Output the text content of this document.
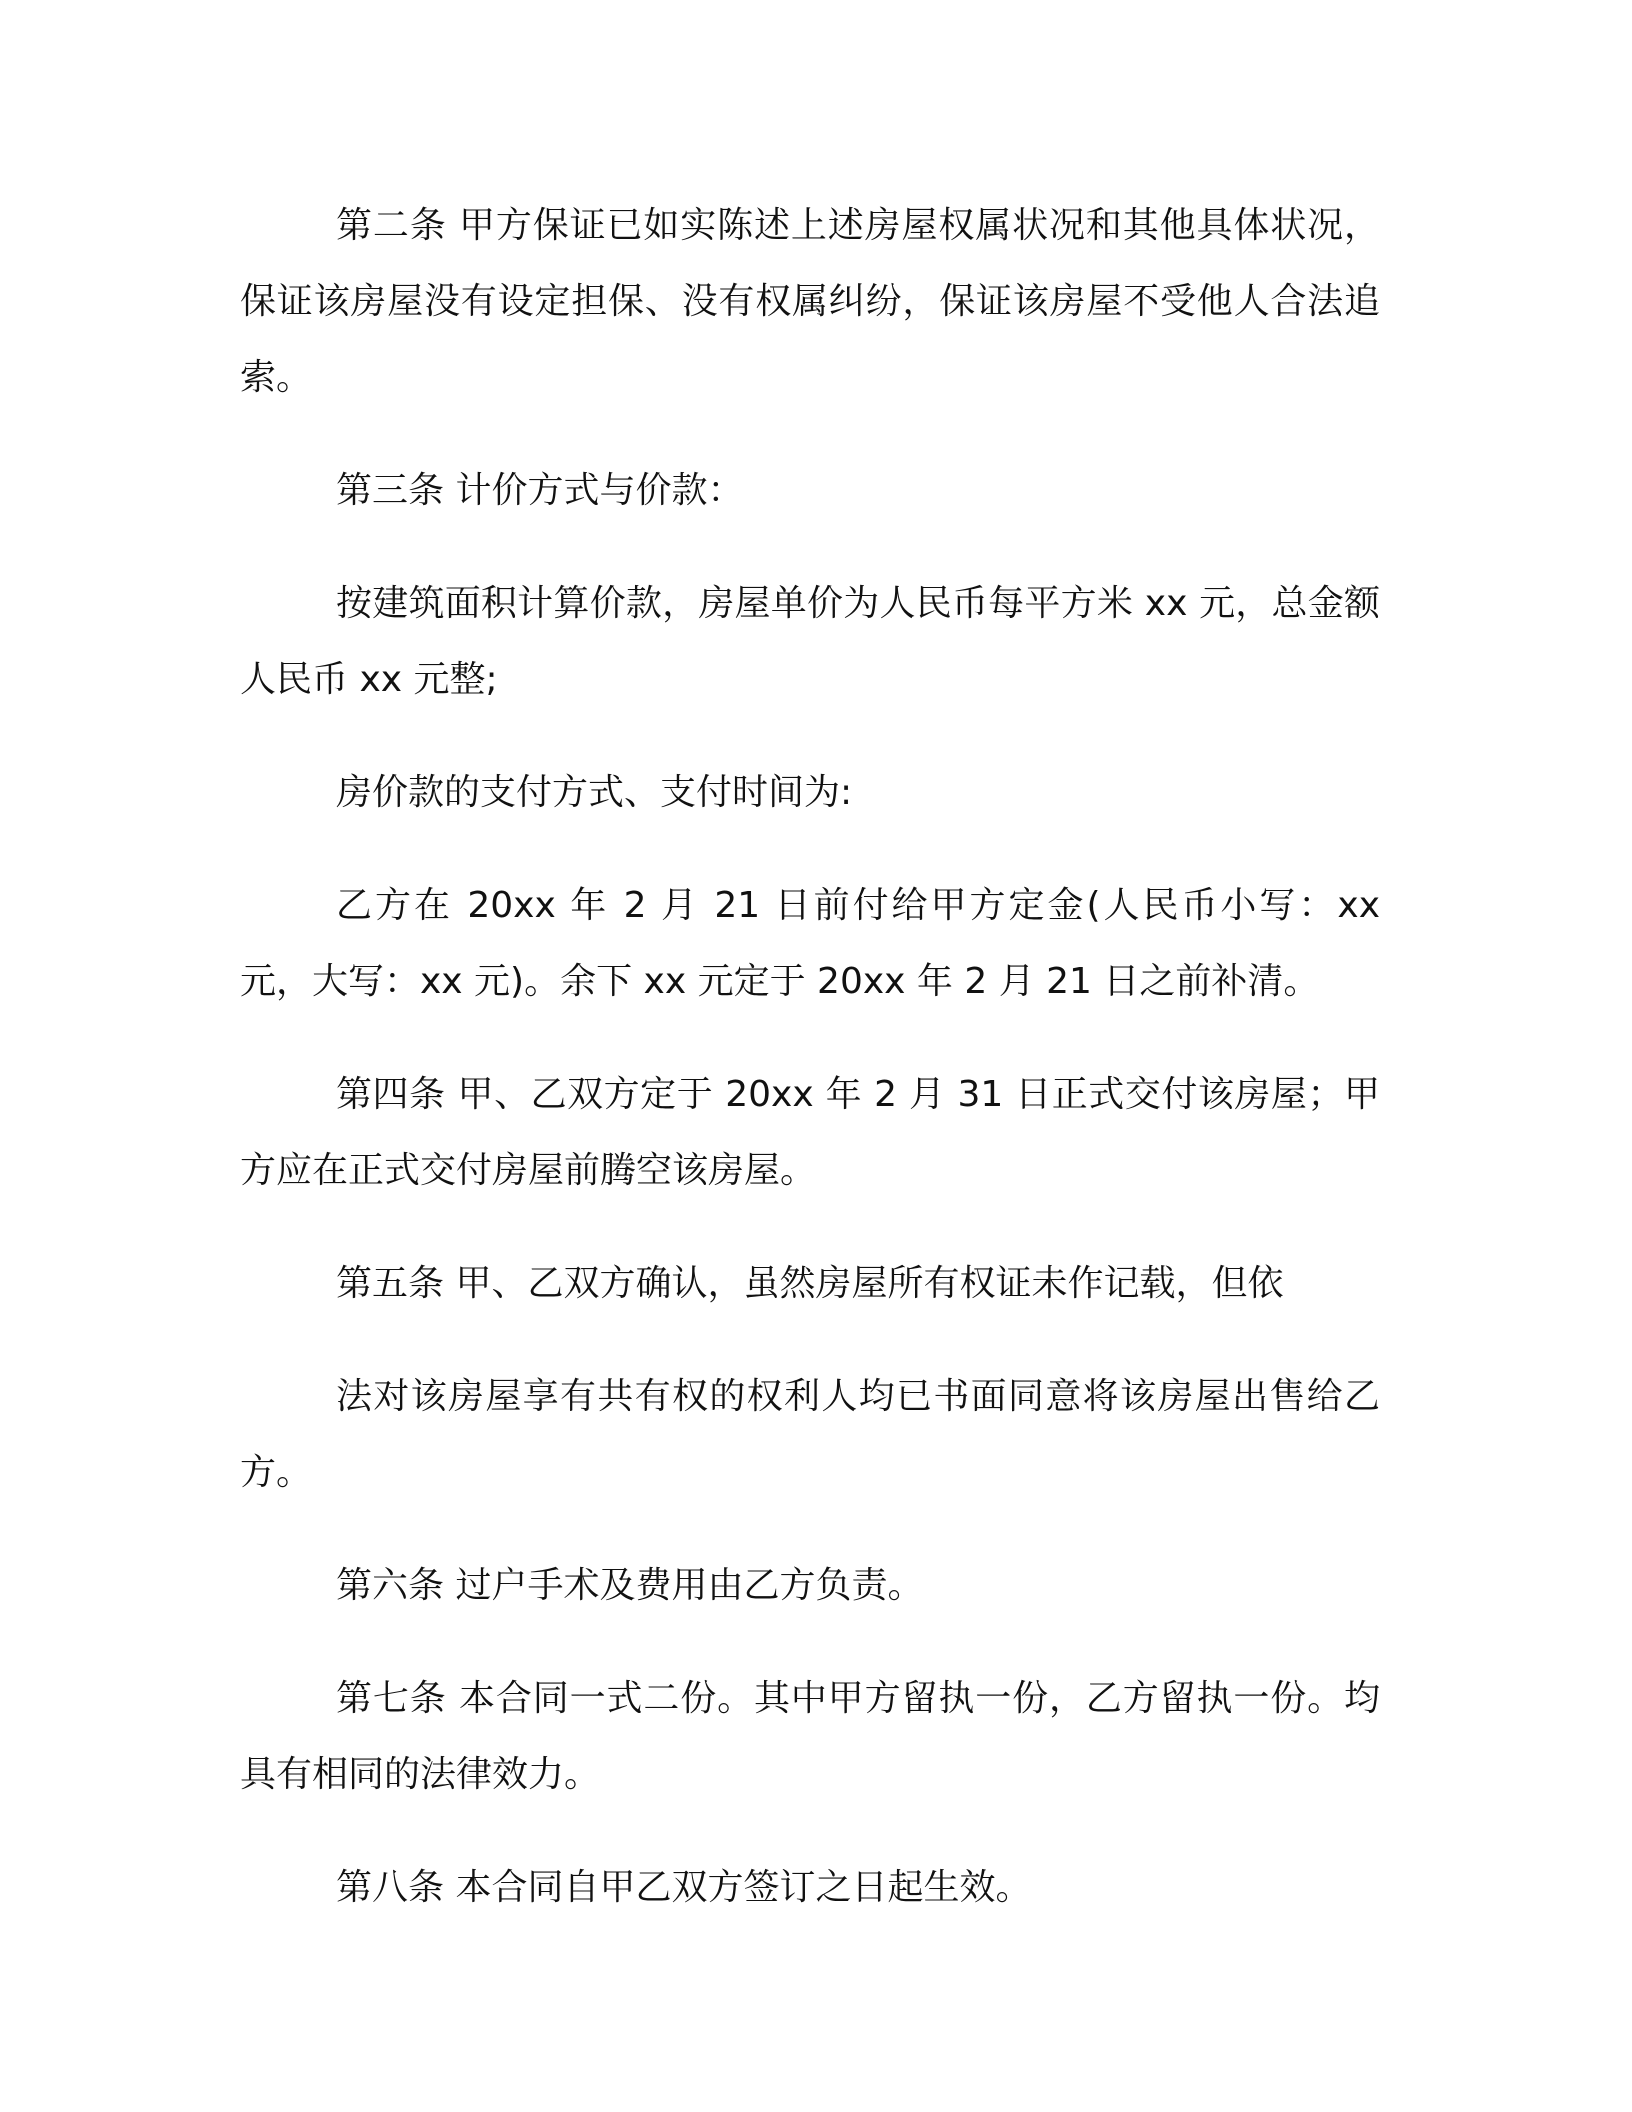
第二条 甲方保证已如实陈述上述房屋权属状况和其他具体状况，保证该房屋没有设定担保、没有权属纠纷，保证该房屋不受他人合法追索。

第三条 计价方式与价款：

按建筑面积计算价款，房屋单价为人民币每平方米 xx 元，总金额人民币 xx 元整;

房价款的支付方式、支付时间为:

乙方在 20xx 年 2 月 21 日前付给甲方定金(人民币小写：xx 元，大写：xx 元)。余下 xx 元定于 20xx 年 2 月 21 日之前补清。

第四条 甲、乙双方定于 20xx 年 2 月 31 日正式交付该房屋；甲方应在正式交付房屋前腾空该房屋。

第五条 甲、乙双方确认，虽然房屋所有权证未作记载，但依

法对该房屋享有共有权的权利人均已书面同意将该房屋出售给乙方。

第六条 过户手术及费用由乙方负责。

第七条 本合同一式二份。其中甲方留执一份，乙方留执一份。均具有相同的法律效力。

第八条 本合同自甲乙双方签订之日起生效。
